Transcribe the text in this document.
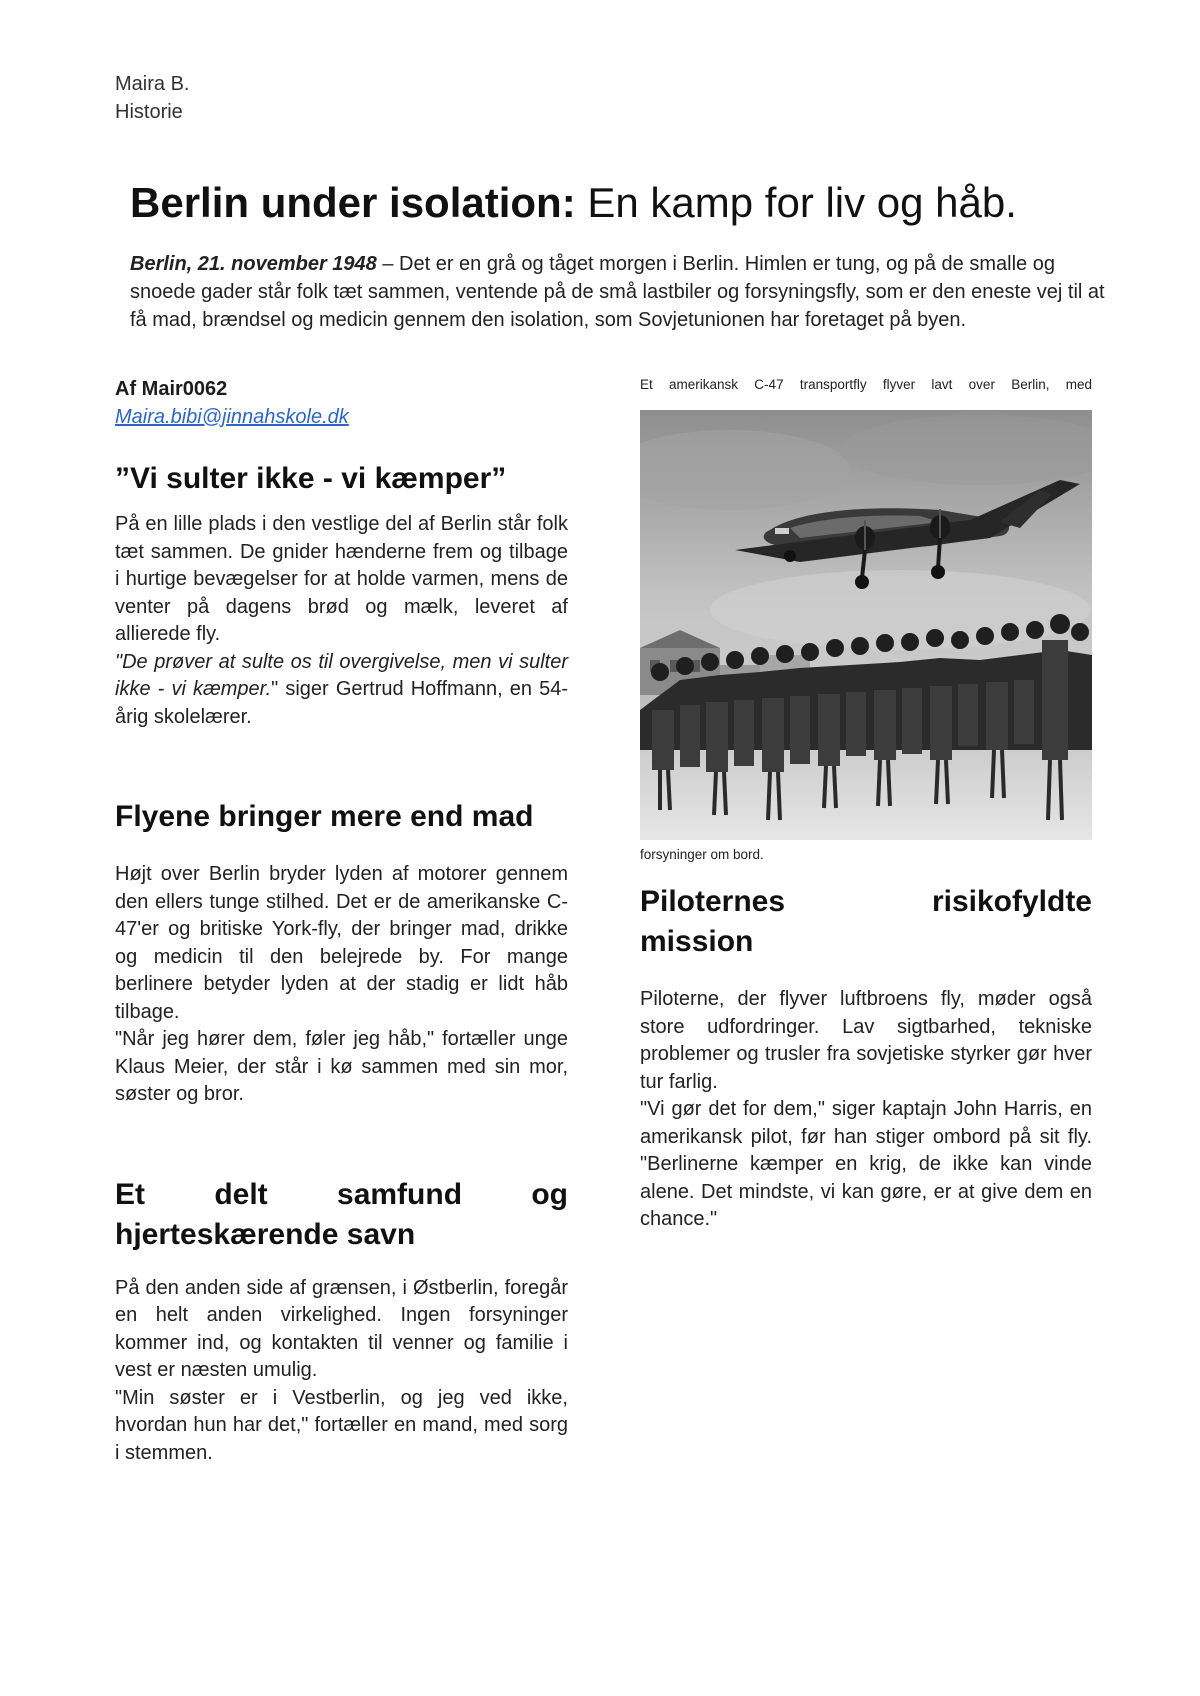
Maira B.
Historie
Berlin under isolation: En kamp for liv og håb.

Berlin, 21. november 1948 – Det er en grå og tåget morgen i Berlin. Himlen er tung, og på de smalle og snoede gader står folk tæt sammen, ventende på de små lastbiler og forsyningsfly, som er den eneste vej til at få mad, brændsel og medicin gennem den isolation, som Sovjetunionen har foretaget på byen.

Af Mair0062

Maira.bibi@jinnahskole.dk
”Vi sulter ikke - vi kæmper”

På en lille plads i den vestlige del af Berlin står folk tæt sammen. De gnider hænderne frem og tilbage i hurtige bevægelser for at holde varmen, mens de venter på dagens brød og mælk, leveret af allierede fly.

"De prøver at sulte os til overgivelse, men vi sulter ikke - vi kæmper." siger Gertrud Hoffmann, en 54-årig skolelærer.

Flyene bringer mere end mad

Højt over Berlin bryder lyden af motorer gennem den ellers tunge stilhed. Det er de amerikanske C-47'er og britiske York-fly, der bringer mad, drikke og medicin til den belejrede by. For mange berlinere betyder lyden at der stadig er lidt håb tilbage.

"Når jeg hører dem, føler jeg håb," fortæller unge Klaus Meier, der står i kø sammen med sin mor, søster og bror.

Et delt samfund og hjerteskærende savn

På den anden side af grænsen, i Østberlin, foregår en helt anden virkelighed. Ingen forsyninger kommer ind, og kontakten til venner og familie i vest er næsten umulig.

"Min søster er i Vestberlin, og jeg ved ikke, hvordan hun har det," fortæller en mand, med sorg i stemmen.

Et amerikansk C-47 transportfly flyver lavt over Berlin, med

forsyninger om bord.

Piloternes risikofyldte
mission

Piloterne, der flyver luftbroens fly, møder også store udfordringer. Lav sigtbarhed, tekniske problemer og trusler fra sovjetiske styrker gør hver tur farlig.

"Vi gør det for dem," siger kaptajn John Harris, en amerikansk pilot, før han stiger ombord på sit fly. "Berlinerne kæmper en krig, de ikke kan vinde alene. Det mindste, vi kan gøre, er at give dem en chance."
